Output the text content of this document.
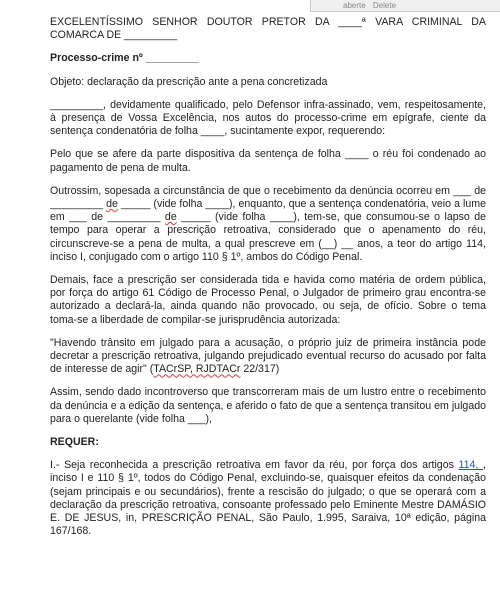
aberte Delete

EXCELENTÍSSIMO SENHOR DOUTOR PRETOR DA ____ª VARA CRIMINAL DA COMARCA DE _________

Processo-crime nº _________

Objeto: declaração da prescrição ante a pena concretizada

_________, devidamente qualificado, pelo Defensor infra-assinado, vem, respeitosamente, à presença de Vossa Excelência, nos autos do processo-crime em epígrafe, ciente da sentença condenatória de folha ____, sucintamente expor, requerendo:

Pelo que se afere da parte dispositiva da sentença de folha ____ o réu foi condenado ao pagamento de pena de multa.

Outrossim, sopesada a circunstância de que o recebimento da denúncia ocorreu em ___ de _________ de _____ (vide folha ____), enquanto, que a sentença condenatória, veio a lume em ___ de _________ de _____ (vide folha ____), tem-se, que consumou-se o lapso de tempo para operar a prescrição retroativa, considerado que o apenamento do réu, circunscreve-se a pena de multa, a qual prescreve em (__) __ anos, a teor do artigo 114, inciso I, conjugado com o artigo 110 § 1º, ambos do Código Penal.

Demais, face a prescrição ser considerada tida e havida como matéria de ordem pública, por força do artigo 61 Código de Processo Penal, o Julgador de primeiro grau encontra-se autorizado a declará-la, ainda quando não provocado, ou seja, de ofício. Sobre o tema toma-se a liberdade de compilar-se jurisprudência autorizada:

"Havendo trânsito em julgado para a acusação, o próprio juiz de primeira instância pode decretar a prescrição retroativa, julgando prejudicado eventual recurso do acusado por falta de interesse de agir" (TACrSP, RJDTACr 22/317)

Assim, sendo dado incontroverso que transcorreram mais de um lustro entre o recebimento da denúncia e a edição da sentença, e aferido o fato de que a sentença transitou em julgado para o querelante (vide folha ___),

REQUER:

I.- Seja reconhecida a prescrição retroativa em favor da réu, por força dos artigos 114, , inciso I e 110 § 1º, todos do Código Penal, excluindo-se, quaisquer efeitos da condenação (sejam principais e ou secundários), frente a rescisão do julgado; o que se operará com a declaração da prescrição retroativa, consoante professado pelo Eminente Mestre DAMÁSIO E. DE JESUS, in, PRESCRIÇÃO PENAL, São Paulo, 1.995, Saraiva, 10ª edição, página 167/168.
